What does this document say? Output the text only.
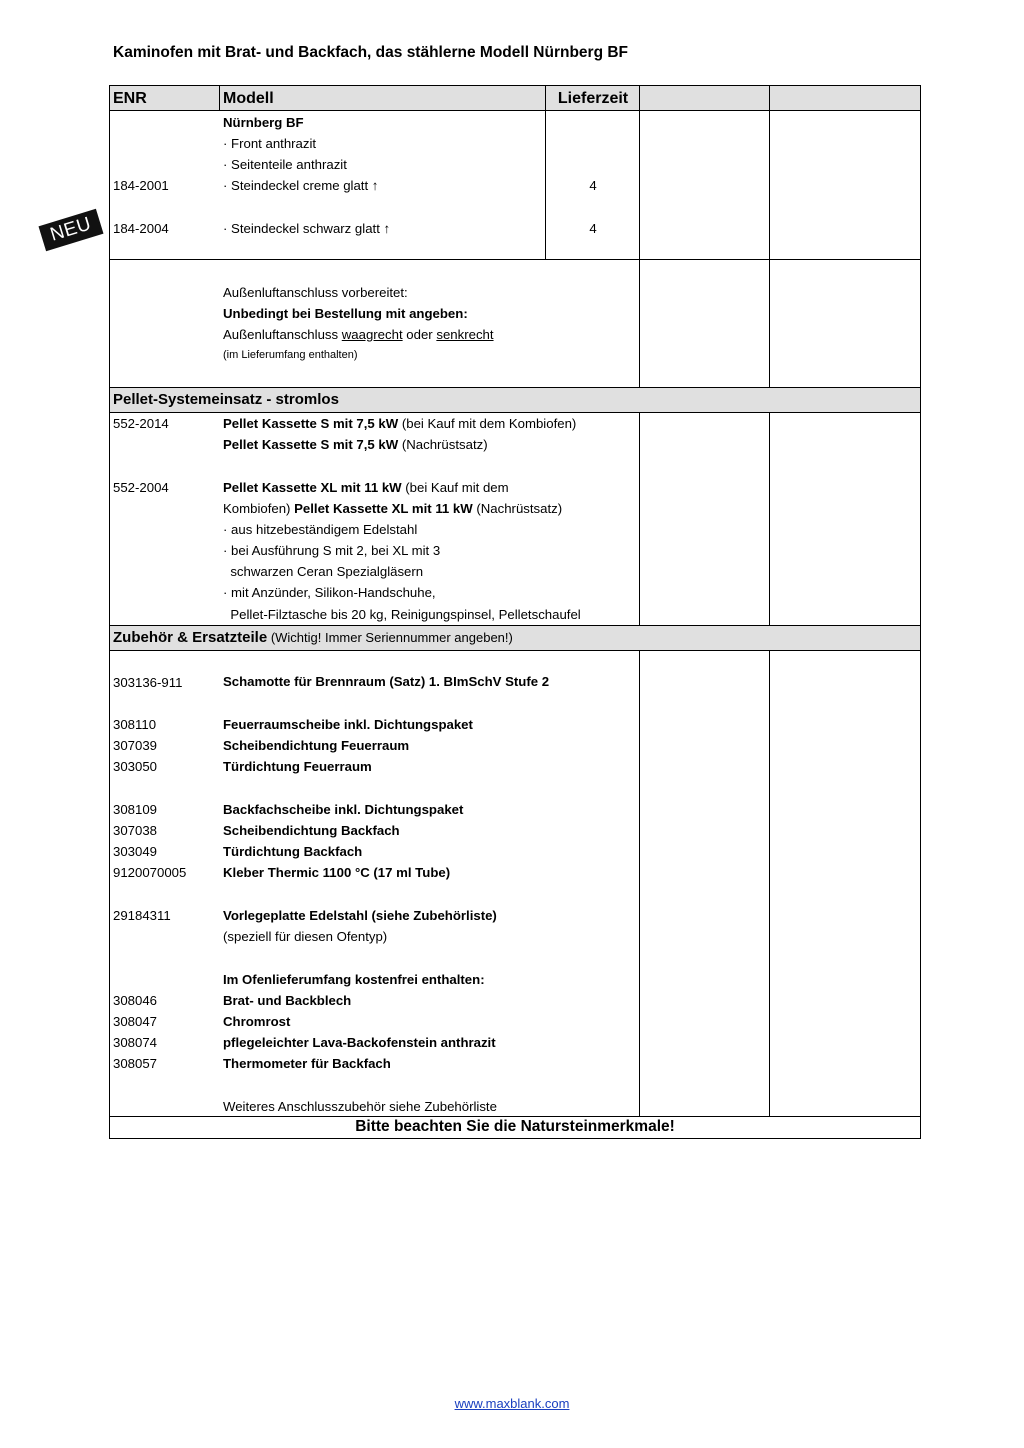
Kaminofen mit Brat- und Backfach, das stählerne Modell Nürnberg BF
NEU
ENR	Modell	Lieferzeit
Nürnberg BF
· Front anthrazit
· Seitenteile anthrazit
184-2001	· Steindeckel creme glatt ↑	4
184-2004	· Steindeckel schwarz glatt ↑	4
Außenluftanschluss vorbereitet:
Unbedingt bei Bestellung mit angeben:
Außenluftanschluss waagrecht oder senkrecht
(im Lieferumfang enthalten)
Pellet-Systemeinsatz - stromlos
552-2014	Pellet Kassette S mit 7,5 kW (bei Kauf mit dem Kombiofen)
Pellet Kassette S mit 7,5 kW (Nachrüstsatz)
552-2004	Pellet Kassette XL mit 11 kW (bei Kauf mit dem
Kombiofen) Pellet Kassette XL mit 11 kW (Nachrüstsatz)
· aus hitzebeständigem Edelstahl
· bei Ausführung S mit 2, bei XL mit 3
schwarzen Ceran Spezialgläsern
· mit Anzünder, Silikon-Handschuhe,
Pellet-Filztasche bis 20 kg, Reinigungspinsel, Pelletschaufel
Zubehör & Ersatzteile (Wichtig! Immer Seriennummer angeben!)
303136-911	Schamotte für Brennraum (Satz) 1. BImSchV Stufe 2
308110	Feuerraumscheibe inkl. Dichtungspaket
307039	Scheibendichtung Feuerraum
303050	Türdichtung Feuerraum
308109	Backfachscheibe inkl. Dichtungspaket
307038	Scheibendichtung Backfach
303049	Türdichtung Backfach
9120070005	Kleber Thermic 1100 °C (17 ml Tube)
29184311	Vorlegeplatte Edelstahl (siehe Zubehörliste)
(speziell für diesen Ofentyp)
Im Ofenlieferumfang kostenfrei enthalten:
308046	Brat- und Backblech
308047	Chromrost
308074	pflegeleichter Lava-Backofenstein anthrazit
308057	Thermometer für Backfach
Weiteres Anschlusszubehör siehe Zubehörliste
Bitte beachten Sie die Natursteinmerkmale!
www.maxblank.com
